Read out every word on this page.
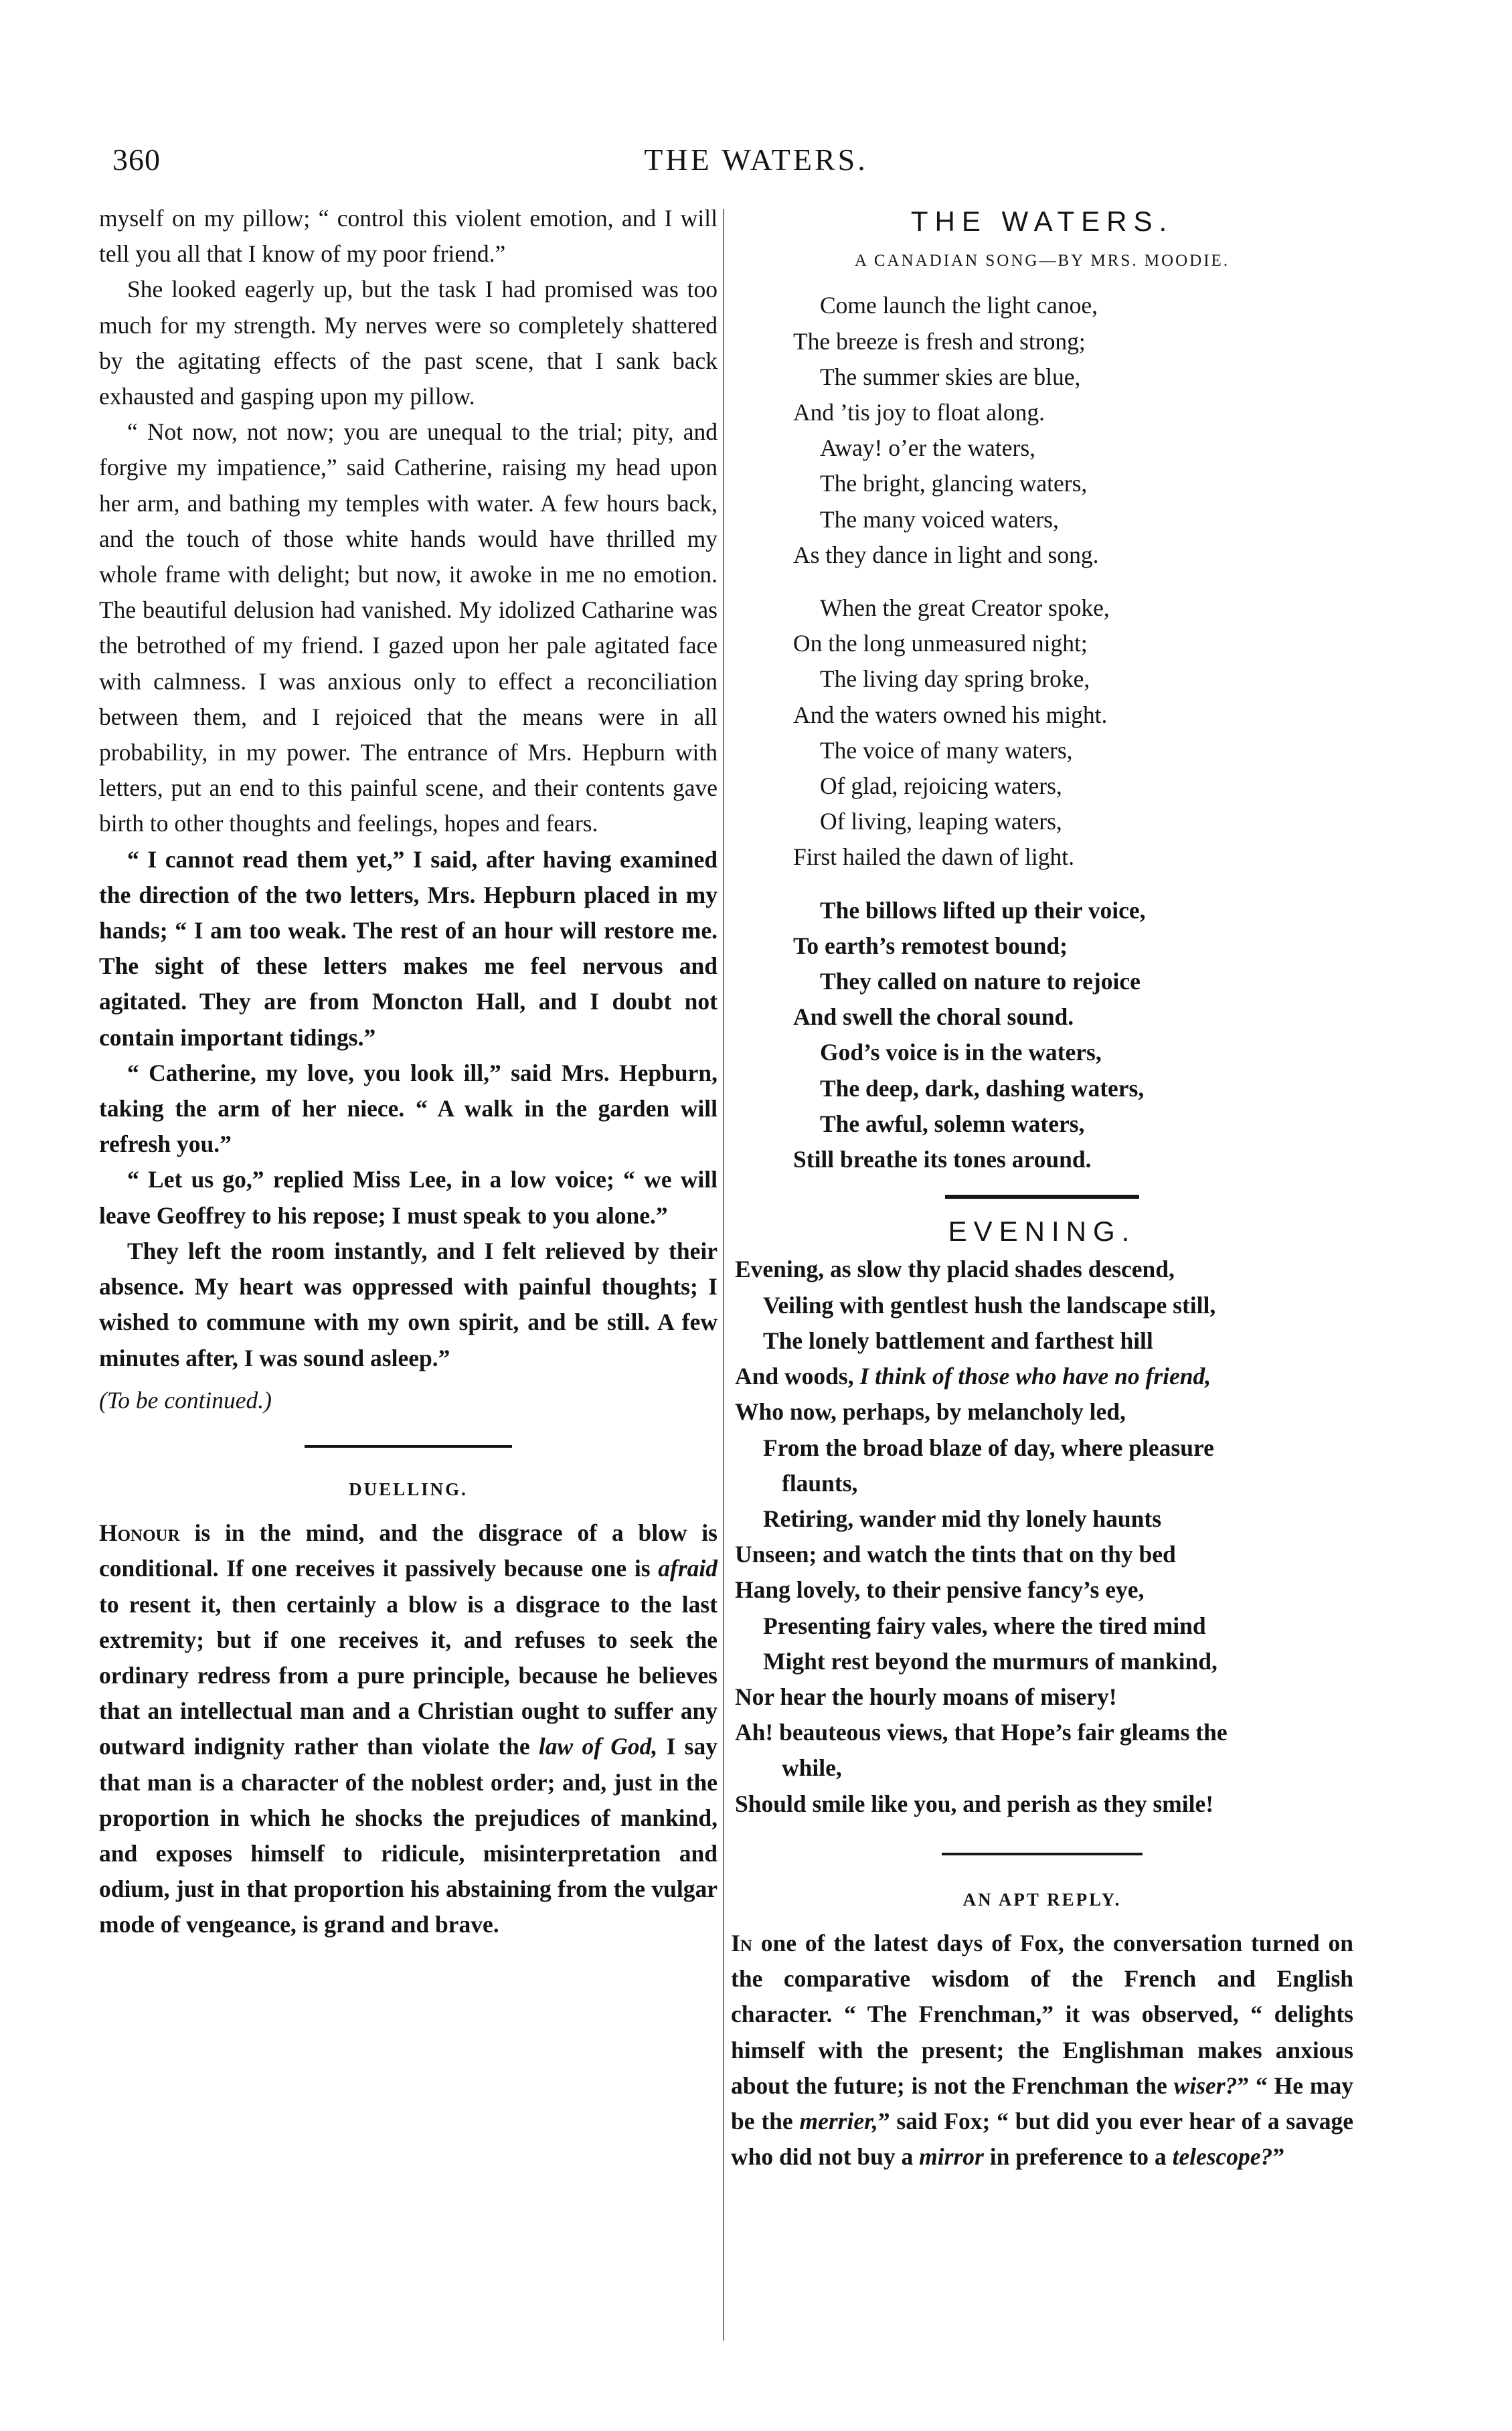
360	THE WATERS.

myself on my pillow; “ control this violent emotion, and I will tell you all that I know of my poor friend.”

She looked eagerly up, but the task I had promised was too much for my strength. My nerves were so completely shattered by the agitating effects of the past scene, that I sank back exhausted and gasping upon my pillow.

“ Not now, not now; you are unequal to the trial; pity, and forgive my impatience,” said Catherine, raising my head upon her arm, and bathing my temples with water. A few hours back, and the touch of those white hands would have thrilled my whole frame with delight; but now, it awoke in me no emotion. The beautiful delusion had vanished. My idolized Catharine was the betrothed of my friend. I gazed upon her pale agitated face with calmness. I was anxious only to effect a reconciliation between them, and I rejoiced that the means were in all probability, in my power. The entrance of Mrs. Hepburn with letters, put an end to this painful scene, and their contents gave birth to other thoughts and feelings, hopes and fears.

“ I cannot read them yet,” I said, after having examined the direction of the two letters, Mrs. Hepburn placed in my hands; “ I am too weak. The rest of an hour will restore me. The sight of these letters makes me feel nervous and agitated. They are from Moncton Hall, and I doubt not contain important tidings.”

“ Catherine, my love, you look ill,” said Mrs. Hepburn, taking the arm of her niece. “ A walk in the garden will refresh you.”

“ Let us go,” replied Miss Lee, in a low voice; “ we will leave Geoffrey to his repose; I must speak to you alone.”

They left the room instantly, and I felt relieved by their absence. My heart was oppressed with painful thoughts; I wished to commune with my own spirit, and be still. A few minutes after, I was sound asleep.”

(To be continued.)

DUELLING.

Honour is in the mind, and the disgrace of a blow is conditional. If one receives it passively because one is afraid to resent it, then certainly a blow is a disgrace to the last extremity; but if one receives it, and refuses to seek the ordinary redress from a pure principle, because he believes that an intellectual man and a Christian ought to suffer any outward indignity rather than violate the law of God, I say that man is a character of the noblest order; and, just in the proportion in which he shocks the prejudices of mankind, and exposes himself to ridicule, misinterpretation and odium, just in that proportion his abstaining from the vulgar mode of vengeance, is grand and brave.

THE WATERS.
A CANADIAN SONG—BY MRS. MOODIE.
Come launch the light canoe,
The breeze is fresh and strong;
The summer skies are blue,
And ’tis joy to float along.
Away! o’er the waters,
The bright, glancing waters,
The many voiced waters,
As they dance in light and song.
When the great Creator spoke,
On the long unmeasured night;
The living day spring broke,
And the waters owned his might.
The voice of many waters,
Of glad, rejoicing waters,
Of living, leaping waters,
First hailed the dawn of light.
The billows lifted up their voice,
To earth’s remotest bound;
They called on nature to rejoice
And swell the choral sound.
God’s voice is in the waters,
The deep, dark, dashing waters,
The awful, solemn waters,
Still breathe its tones around.
EVENING.
Evening, as slow thy placid shades descend,
Veiling with gentlest hush the landscape still,
The lonely battlement and farthest hill
And woods, I think of those who have no friend,
Who now, perhaps, by melancholy led,
From the broad blaze of day, where pleasure
flaunts,
Retiring, wander mid thy lonely haunts
Unseen; and watch the tints that on thy bed
Hang lovely, to their pensive fancy’s eye,
Presenting fairy vales, where the tired mind
Might rest beyond the murmurs of mankind,
Nor hear the hourly moans of misery!
Ah! beauteous views, that Hope’s fair gleams the
while,
Should smile like you, and perish as they smile!
AN APT REPLY.

In one of the latest days of Fox, the conversation turned on the comparative wisdom of the French and English character. “ The Frenchman,” it was observed, “ delights himself with the present; the Englishman makes anxious about the future; is not the Frenchman the wiser?” “ He may be the merrier,” said Fox; “ but did you ever hear of a savage who did not buy a mirror in preference to a telescope?”
